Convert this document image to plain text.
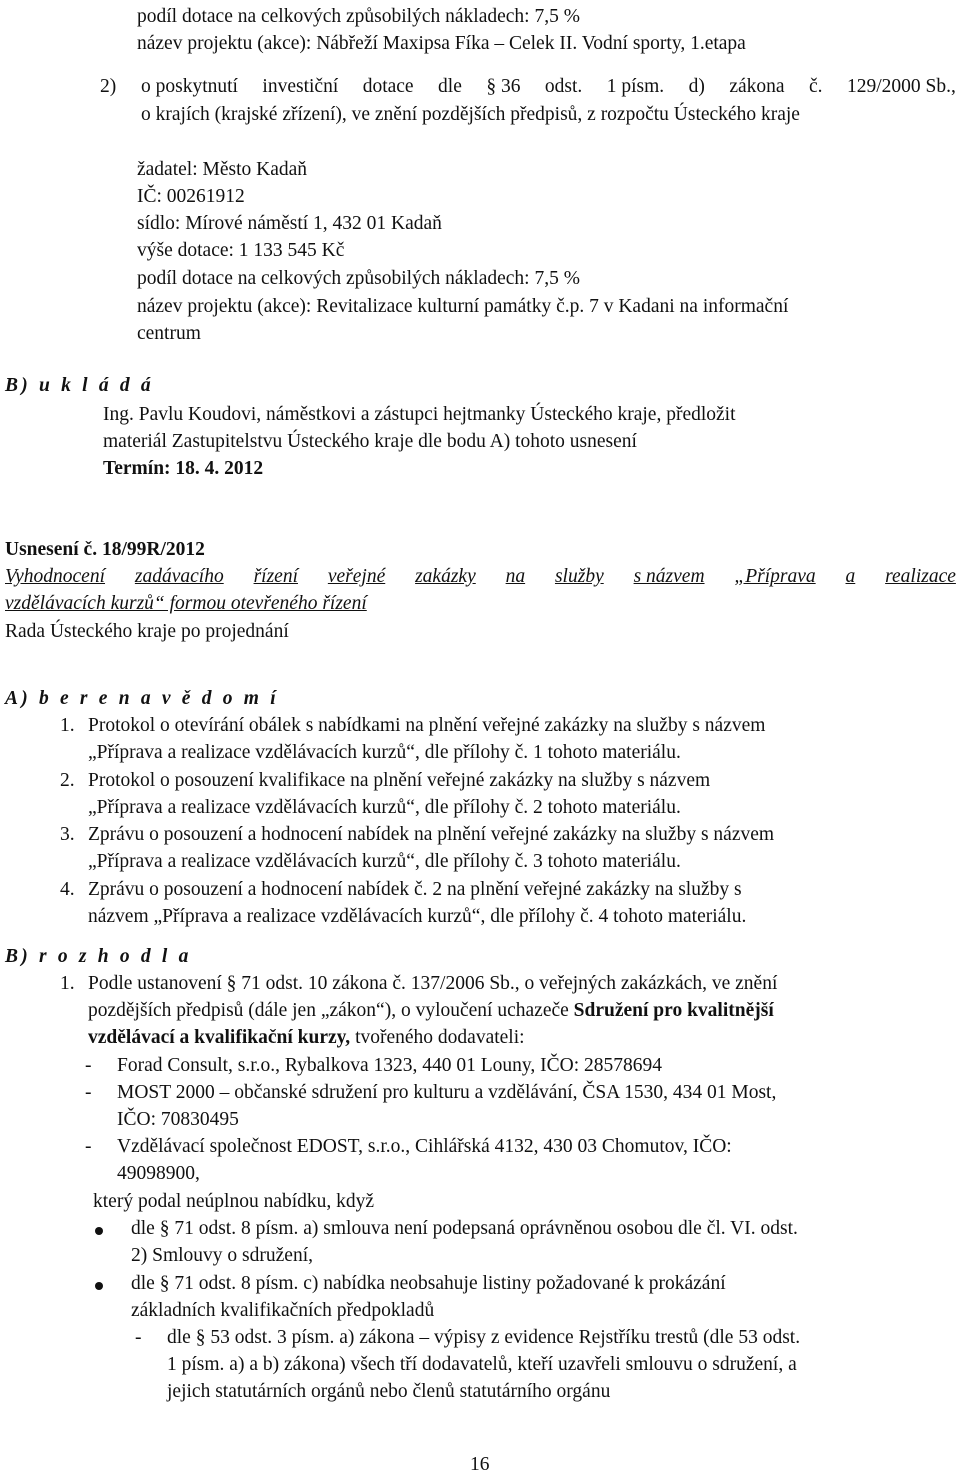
podíl dotace na celkových způsobilých nákladech: 7,5 %
název projektu (akce): Nábřeží Maxipsa Fíka – Celek II. Vodní sporty, 1.etapa
2) o poskytnutí investiční dotace dle § 36 odst. 1 písm. d) zákona č. 129/2000 Sb.,
o krajích (krajské zřízení), ve znění pozdějších předpisů, z rozpočtu Ústeckého kraje
žadatel: Město Kadaň
IČ: 00261912
sídlo: Mírové náměstí 1, 432 01 Kadaň
výše dotace: 1 133 545 Kč
podíl dotace na celkových způsobilých nákladech: 7,5 %
název projektu (akce): Revitalizace kulturní památky č.p. 7 v Kadani na informační
centrum
B) u k l á d á
Ing. Pavlu Koudovi, náměstkovi a zástupci hejtmanky Ústeckého kraje, předložit
materiál Zastupitelstvu Ústeckého kraje dle bodu A) tohoto usnesení
Termín: 18. 4. 2012
Usnesení č. 18/99R/2012
Vyhodnocení zadávacího řízení veřejné zakázky na služby s názvem „Příprava a realizace
vzdělávacích kurzů“ formou otevřeného řízení
Rada Ústeckého kraje po projednání
A) b e r e n a v ě d o m í
1. Protokol o otevírání obálek s nabídkami na plnění veřejné zakázky na služby s názvem
„Příprava a realizace vzdělávacích kurzů“, dle přílohy č. 1 tohoto materiálu.
2. Protokol o posouzení kvalifikace na plnění veřejné zakázky na služby s názvem
„Příprava a realizace vzdělávacích kurzů“, dle přílohy č. 2 tohoto materiálu.
3. Zprávu o posouzení a hodnocení nabídek na plnění veřejné zakázky na služby s názvem
„Příprava a realizace vzdělávacích kurzů“, dle přílohy č. 3 tohoto materiálu.
4. Zprávu o posouzení a hodnocení nabídek č. 2 na plnění veřejné zakázky na služby s
názvem „Příprava a realizace vzdělávacích kurzů“, dle přílohy č. 4 tohoto materiálu.
B) r o z h o d l a
1. Podle ustanovení § 71 odst. 10 zákona č. 137/2006 Sb., o veřejných zakázkách, ve znění
pozdějších předpisů (dále jen „zákon“), o vyloučení uchazeče Sdružení pro kvalitnější
vzdělávací a kvalifikační kurzy, tvořeného dodavateli:
- Forad Consult, s.r.o., Rybalkova 1323, 440 01 Louny, IČO: 28578694
- MOST 2000 – občanské sdružení pro kulturu a vzdělávání, ČSA 1530, 434 01 Most,
IČO: 70830495
- Vzdělávací společnost EDOST, s.r.o., Cihlářská 4132, 430 03 Chomutov, IČO:
49098900,
který podal neúplnou nabídku, když
dle § 71 odst. 8 písm. a) smlouva není podepsaná oprávněnou osobou dle čl. VI. odst.
2) Smlouvy o sdružení,
dle § 71 odst. 8 písm. c) nabídka neobsahuje listiny požadované k prokázání
základních kvalifikačních předpokladů
- dle § 53 odst. 3 písm. a) zákona – výpisy z evidence Rejstříku trestů (dle 53 odst.
1 písm. a) a b) zákona) všech tří dodavatelů, kteří uzavřeli smlouvu o sdružení, a
jejich statutárních orgánů nebo členů statutárního orgánu
16
